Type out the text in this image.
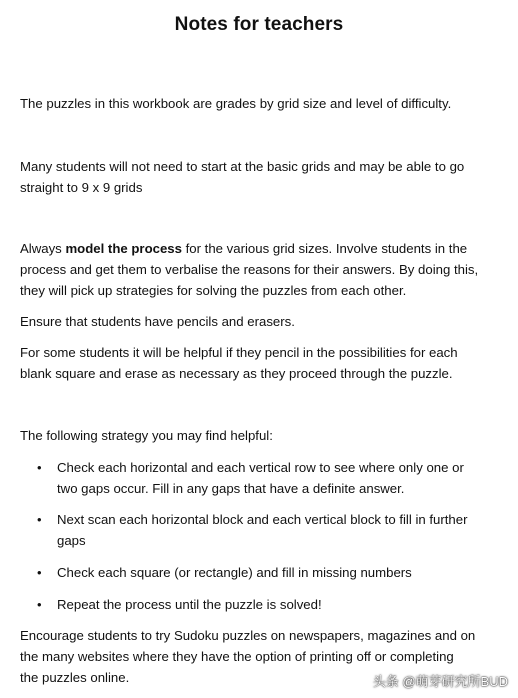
Notes for teachers

The puzzles in this workbook are grades by grid size and level of difficulty.

Many students will not need to start at the basic grids and may be able to go
straight to 9 x 9 grids

Always model the process for the various grid sizes. Involve students in the
process and get them to verbalise the reasons for their answers. By doing this,
they will pick up strategies for solving the puzzles from each other.

Ensure that students have pencils and erasers.

For some students it will be helpful if they pencil in the possibilities for each
blank square and erase as necessary as they proceed through the puzzle.

The following strategy you may find helpful:

• Check each horizontal and each vertical row to see where only one or
two gaps occur. Fill in any gaps that have a definite answer.
• Next scan each horizontal block and each vertical block to fill in further
gaps
• Check each square (or rectangle) and fill in missing numbers
• Repeat the process until the puzzle is solved!

Encourage students to try Sudoku puzzles on newspapers, magazines and on
the many websites where they have the option of printing off or completing
the puzzles online.	头条 @萌芽研究所BUD
